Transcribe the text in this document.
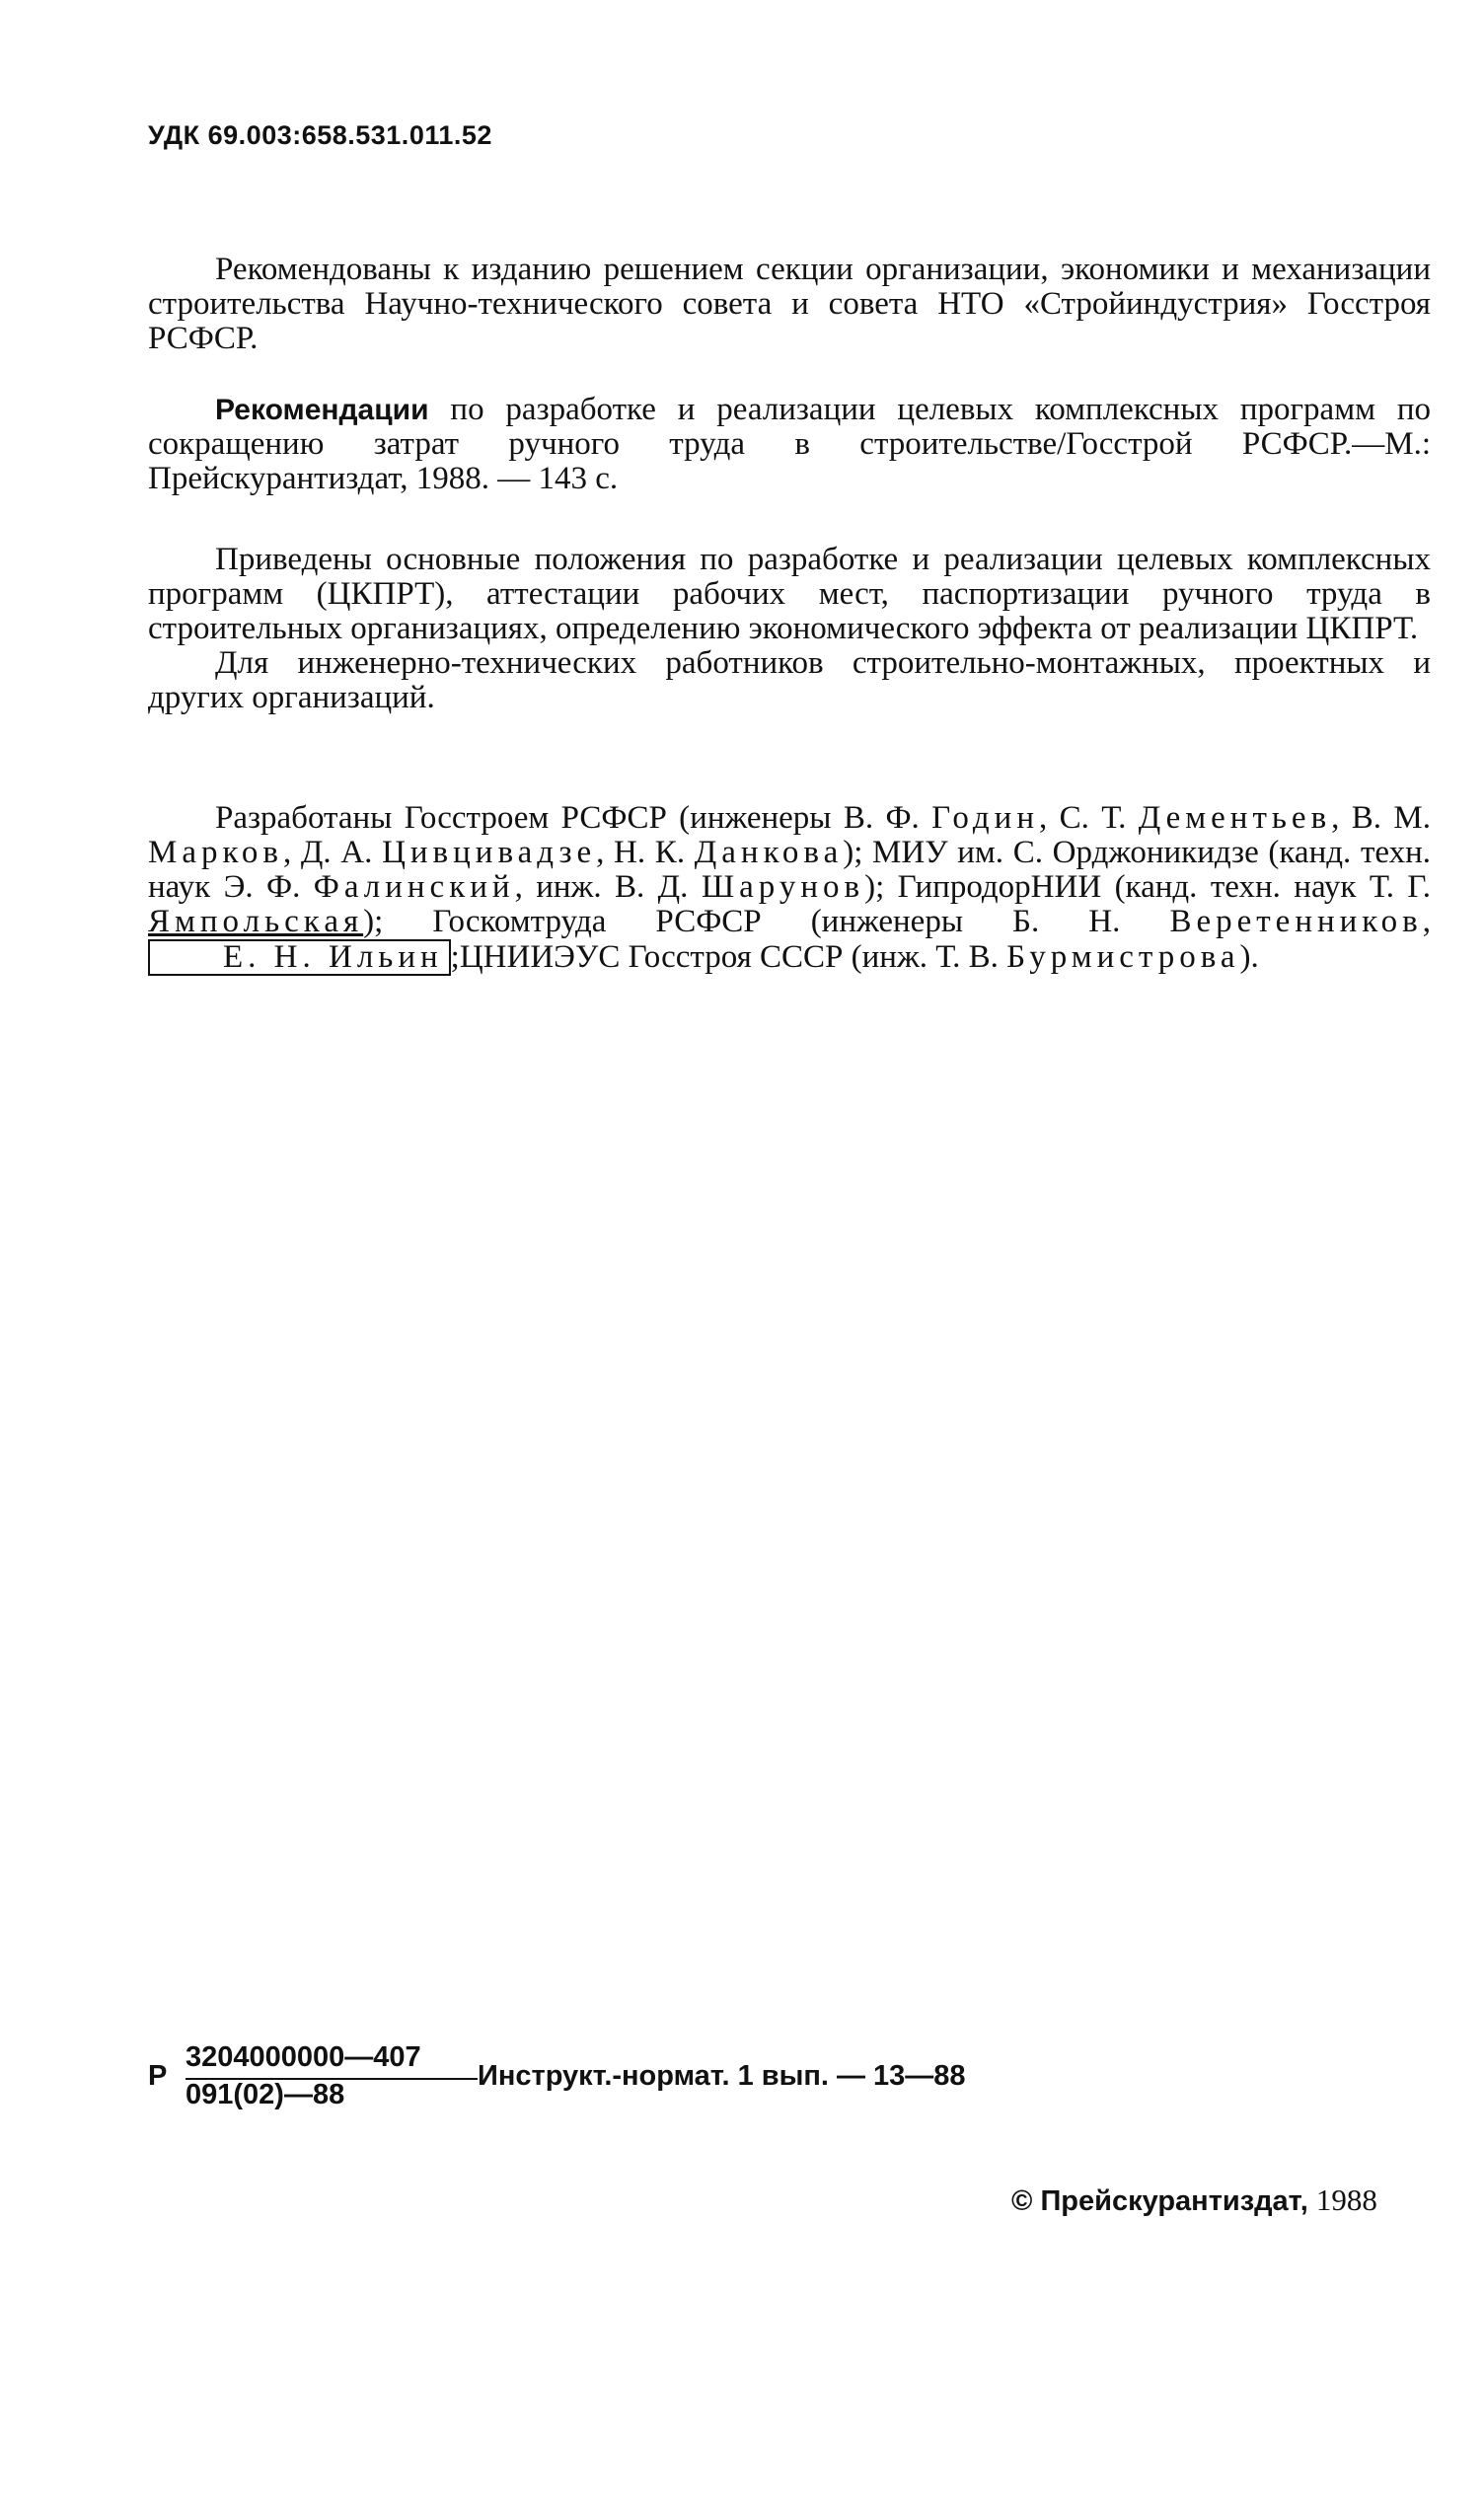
УДК 69.003:658.531.011.52

Рекомендованы к изданию решением секции организации, экономики и механизации строительства Научно-технического совета и совета НТО «Стройиндустрия» Госстроя РСФСР.

Рекомендации по разработке и реализации целевых комплексных программ по сокращению затрат ручного труда в строительстве/Госстрой РСФСР.—М.: Прейскурантиздат, 1988. — 143 с.

Приведены основные положения по разработке и реализации целевых комплексных программ (ЦКПРТ), аттестации рабочих мест, паспортизации ручного труда в строительных организациях, определению экономического эффекта от реализации ЦКПРТ.

Для инженерно-технических работников строительно-монтажных, проектных и других организаций.

Разработаны Госстроем РСФСР (инженеры В. Ф. Годин, С. Т. Дементьев, В. М. Марков, Д. А. Цивцивадзе, Н. К. Данкова); МИУ им. С. Орджоникидзе (канд. техн. наук Э. Ф. Фалинский, инж. В. Д. Шарунов); ГипродорНИИ (канд. техн. наук Т. Г. Ямпольская); Госкомтруда РСФСР (инженеры Б. Н. Веретенников, Е. Н. Ильин ;ЦНИИЭУС Госстроя СССР (инж. Т. В. Бурмистрова).

Р
3204000000—407
091(02)—88
Инструкт.-нормат. 1 вып. — 13—88
© Прейскурантиздат, 1988
